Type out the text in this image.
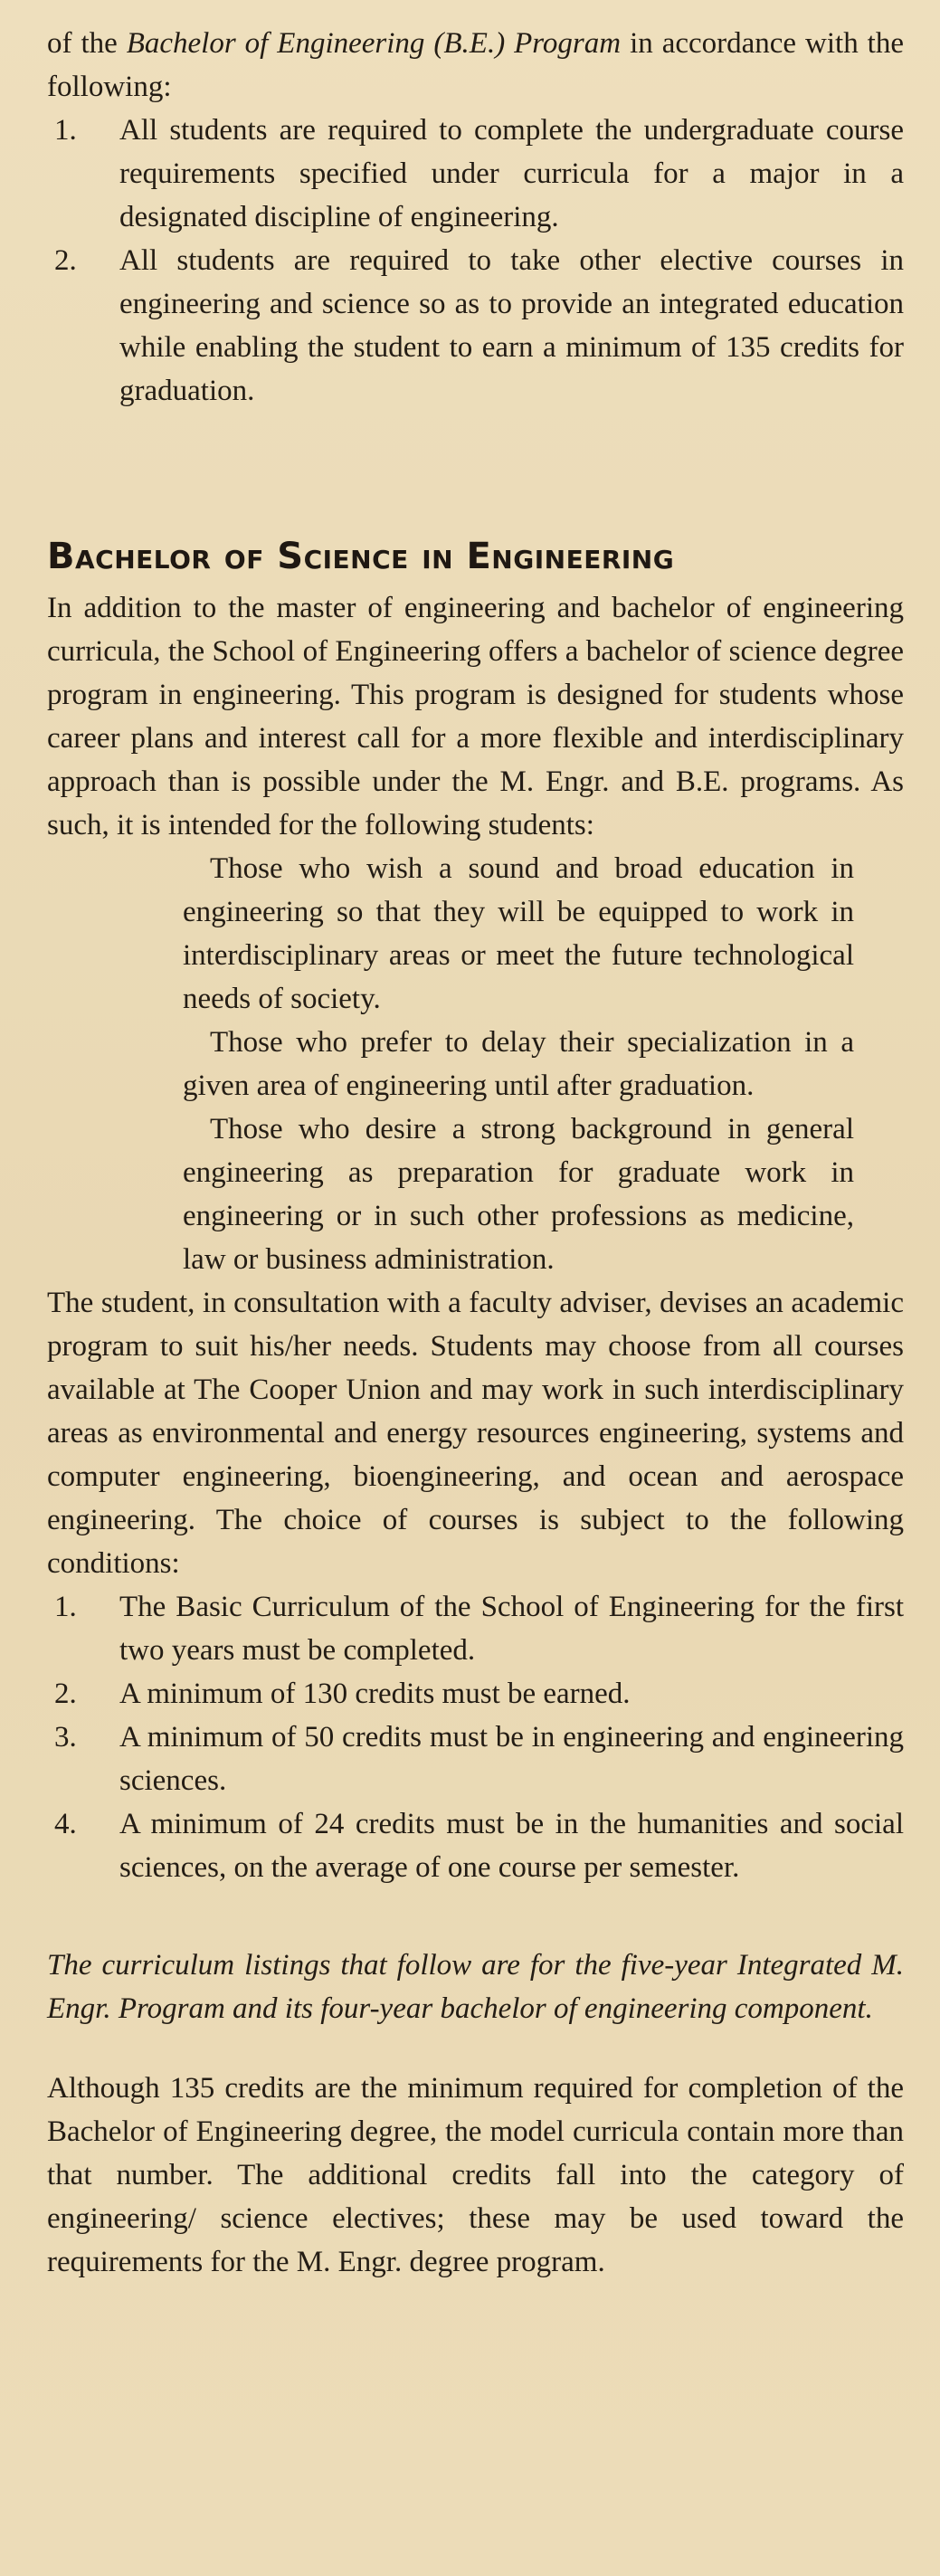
of the Bachelor of Engineering (B.E.) Program in accordance with the following:

1.	All students are required to complete the undergraduate course requirements specified under curricula for a major in a designated discipline of engineering.
2.	All students are required to take other elective courses in engineering and science so as to provide an integrated education while enabling the student to earn a minimum of 135 credits for graduation.
Bachelor of Science in Engineering

In addition to the master of engineering and bachelor of engineering curricula, the School of Engineering offers a bachelor of science degree program in engineering. This program is designed for students whose career plans and interest call for a more flexible and interdisciplinary approach than is possible under the M. Engr. and B.E. programs. As such, it is intended for the following students:

Those who wish a sound and broad education in engineering so that they will be equipped to work in interdisciplinary areas or meet the future technological needs of society.

Those who prefer to delay their specialization in a given area of engineering until after graduation.

Those who desire a strong background in general engineering as preparation for graduate work in engineering or in such other professions as medicine, law or business administration.

The student, in consultation with a faculty adviser, devises an academic program to suit his/her needs. Students may choose from all courses available at The Cooper Union and may work in such interdisciplinary areas as environmental and energy resources engineering, systems and computer engineering, bioengineering, and ocean and aerospace engineering. The choice of courses is subject to the following conditions:

1.	The Basic Curriculum of the School of Engineering for the first two years must be completed.
2.	A minimum of 130 credits must be earned.
3.	A minimum of 50 credits must be in engineering and engineering sciences.
4.	A minimum of 24 credits must be in the humanities and social sciences, on the average of one course per semester.

The curriculum listings that follow are for the five-year Integrated M. Engr. Program and its four-year bachelor of engineering component.

Although 135 credits are the minimum required for completion of the Bachelor of Engineering degree, the model curricula contain more than that number. The additional credits fall into the category of engineering/ science electives; these may be used toward the requirements for the M. Engr. degree program.
